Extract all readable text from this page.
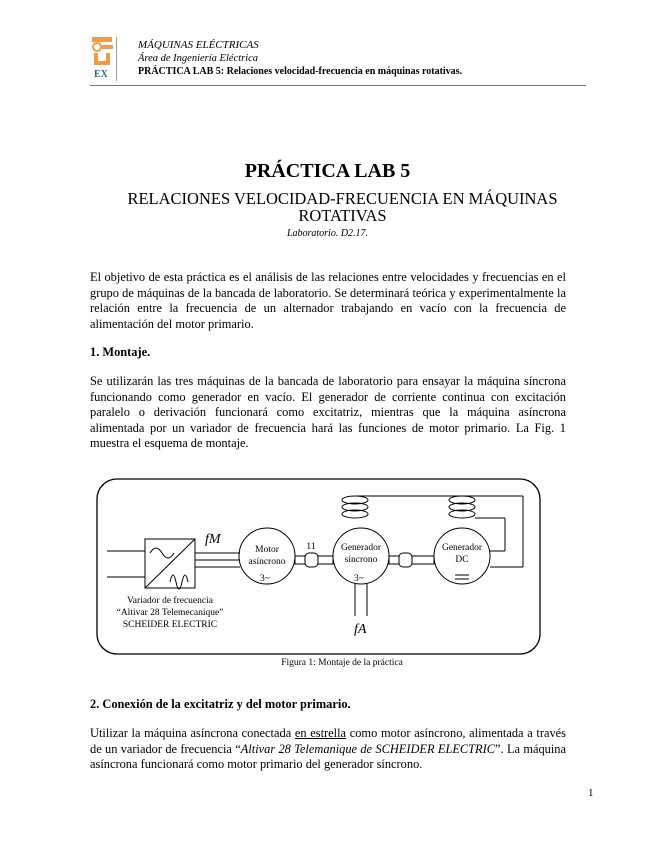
EX
MÁQUINAS ELÉCTRICAS
Área de Ingeniería Eléctrica
PRÁCTICA LAB 5: Relaciones velocidad-frecuencia en máquinas rotativas.
PRÁCTICA LAB 5
RELACIONES VELOCIDAD-FRECUENCIA EN MÁQUINAS ROTATIVAS
Laboratorio. D2.17.
El objetivo de esta práctica es el análisis de las relaciones entre velocidades y frecuencias en el grupo de máquinas de la bancada de laboratorio. Se determinará teórica y experimentalmente la relación entre la frecuencia de un alternador trabajando en vacío con la frecuencia de alimentación del motor primario.
1. Montaje.
Se utilizarán las tres máquinas de la bancada de laboratorio para ensayar la máquina síncrona funcionando como generador en vacío. El generador de corriente continua con excitación paralelo o derivación funcionará como excitatriz, mientras que la máquina asíncrona alimentada por un variador de frecuencia hará las funciones de motor primario. La Fig. 1 muestra el esquema de montaje.
Variador de frecuencia
“Altivar 28 Telemecanique”
SCHEIDER ELECTRIC
Motor
asíncrono
3~
11	Generador
síncrono
3~
Generador
DC
fM
fA
Figura 1: Montaje de la práctica
2. Conexión de la excitatriz y del motor primario.
Utilizar la máquina asíncrona conectada en estrella como motor asíncrono, alimentada a través de un variador de frecuencia “Altivar 28 Telemanique de SCHEIDER ELECTRIC”. La máquina asíncrona funcionará como motor primario del generador síncrono.
1
